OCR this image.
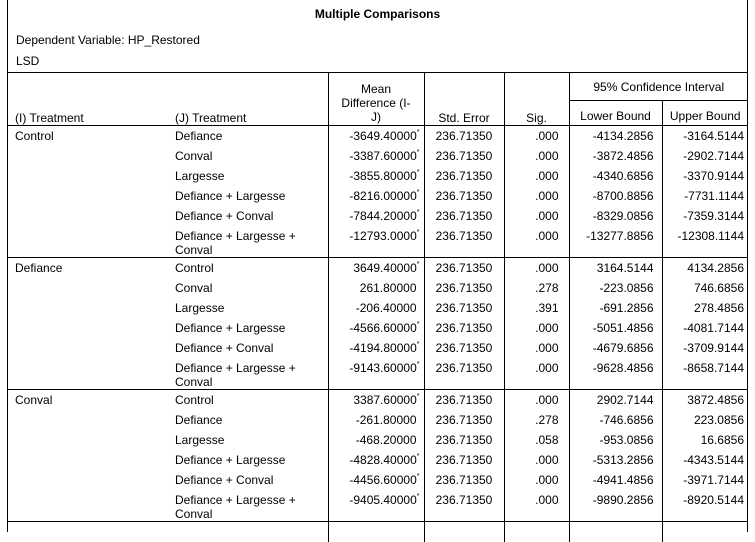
Multiple Comparisons
Dependent Variable: HP_Restored
LSD
(I) Treatment	(J) Treatment	Mean Difference (I-J)	Std. Error	Sig.	95% Confidence Interval	
					Lower Bound	Upper Bound
Control	Defiance	-3649.40000*	236.71350	.000	-4134.2856	-3164.5144
	Conval	-3387.60000*	236.71350	.000	-3872.4856	-2902.7144
	Largesse	-3855.80000*	236.71350	.000	-4340.6856	-3370.9144
	Defiance + Largesse	-8216.00000*	236.71350	.000	-8700.8856	-7731.1144
	Defiance + Conval	-7844.20000*	236.71350	.000	-8329.0856	-7359.3144
	Defiance + Largesse + Conval	-12793.0000*	236.71350	.000	-13277.8856	-12308.1144
Defiance	Control	3649.40000*	236.71350	.000	3164.5144	4134.2856
	Conval	261.80000	236.71350	.278	-223.0856	746.6856
	Largesse	-206.40000	236.71350	.391	-691.2856	278.4856
	Defiance + Largesse	-4566.60000*	236.71350	.000	-5051.4856	-4081.7144
	Defiance + Conval	-4194.80000*	236.71350	.000	-4679.6856	-3709.9144
	Defiance + Largesse + Conval	-9143.60000*	236.71350	.000	-9628.4856	-8658.7144
Conval	Control	3387.60000*	236.71350	.000	2902.7144	3872.4856
	Defiance	-261.80000	236.71350	.278	-746.6856	223.0856
	Largesse	-468.20000	236.71350	.058	-953.0856	16.6856
	Defiance + Largesse	-4828.40000*	236.71350	.000	-5313.2856	-4343.5144
	Defiance + Conval	-4456.60000*	236.71350	.000	-4941.4856	-3971.7144
	Defiance + Largesse + Conval	-9405.40000*	236.71350	.000	-9890.2856	-8920.5144
